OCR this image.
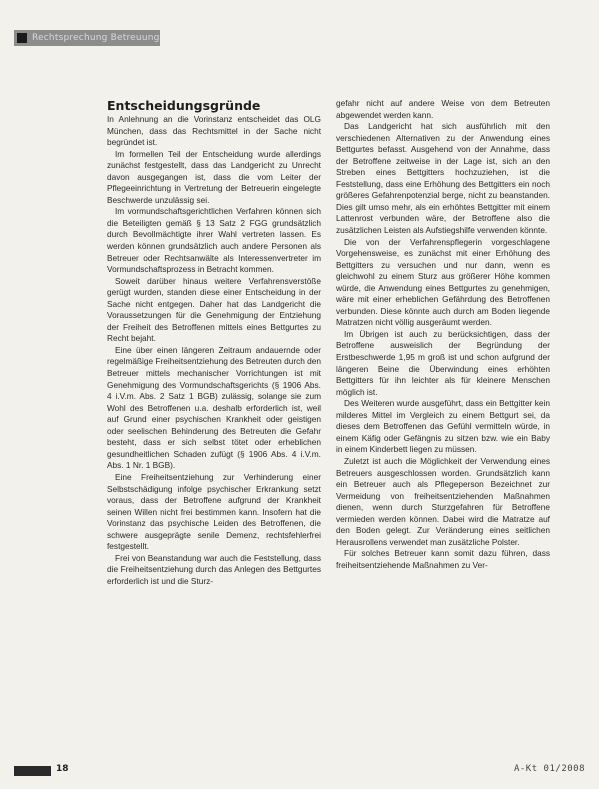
Rechtsprechung Betreuung
Entscheidungsgründe

In Anlehnung an die Vorinstanz entscheidet das OLG München, dass das Rechtsmittel in der Sache nicht begründet ist.

Im formellen Teil der Entscheidung wurde allerdings zunächst festgestellt, dass das Landgericht zu Unrecht davon ausgegangen ist, dass die vom Leiter der Pflegeeinrichtung in Vertretung der Betreuerin eingelegte Beschwerde unzulässig sei.

Im vormundschaftsgerichtlichen Verfahren können sich die Beteiligten gemäß § 13 Satz 2 FGG grundsätzlich durch Bevollmächtigte ihrer Wahl vertreten lassen. Es werden können grundsätzlich auch andere Personen als Betreuer oder Rechtsanwälte als Interessenvertreter im Vormundschaftsprozess in Betracht kommen.

Soweit darüber hinaus weitere Verfahrensverstöße gerügt wurden, standen diese einer Entscheidung in der Sache nicht entgegen. Daher hat das Landgericht die Voraussetzungen für die Genehmigung der Entziehung der Freiheit des Betroffenen mittels eines Bettgurtes zu Recht bejaht.

Eine über einen längeren Zeitraum andauernde oder regelmäßige Freiheitsentziehung des Betreuten durch den Betreuer mittels mechanischer Vorrichtungen ist mit Genehmigung des Vormundschaftsgerichts (§ 1906 Abs. 4 i.V.m. Abs. 2 Satz 1 BGB) zulässig, solange sie zum Wohl des Betroffenen u.a. deshalb erforderlich ist, weil auf Grund einer psychischen Krankheit oder geistigen oder seelischen Behinderung des Betreuten die Gefahr besteht, dass er sich selbst tötet oder erheblichen gesundheitlichen Schaden zufügt (§ 1906 Abs. 4 i.V.m. Abs. 1 Nr. 1 BGB).

Eine Freiheitsentziehung zur Verhinderung einer Selbstschädigung infolge psychischer Erkrankung setzt voraus, dass der Betroffene aufgrund der Krankheit seinen Willen nicht frei bestimmen kann. Insofern hat die Vorinstanz das psychische Leiden des Betroffenen, die schwere ausgeprägte senile Demenz, rechtsfehlerfrei festgestellt.

Frei von Beanstandung war auch die Feststellung, dass die Freiheitsentziehung durch das Anlegen des Bettgurtes erforderlich ist und die Sturz-

gefahr nicht auf andere Weise von dem Betreuten abgewendet werden kann.

Das Landgericht hat sich ausführlich mit den verschiedenen Alternativen zu der Anwendung eines Bettgurtes befasst. Ausgehend von der Annahme, dass der Betroffene zeitweise in der Lage ist, sich an den Streben eines Bettgitters hochzuziehen, ist die Feststellung, dass eine Erhöhung des Bettgitters ein noch größeres Gefahrenpotenzial berge, nicht zu beanstanden. Dies gilt umso mehr, als ein erhöhtes Bettgitter mit einem Lattenrost verbunden wäre, der Betroffene also die zusätzlichen Leisten als Aufstiegshilfe verwenden könnte.

Die von der Verfahrenspflegerin vorgeschlagene Vorgehensweise, es zunächst mit einer Erhöhung des Bettgitters zu versuchen und nur dann, wenn es gleichwohl zu einem Sturz aus größerer Höhe kommen würde, die Anwendung eines Bettgurtes zu genehmigen, wäre mit einer erheblichen Gefährdung des Betroffenen verbunden. Diese könnte auch durch am Boden liegende Matratzen nicht völlig ausgeräumt werden.

Im Übrigen ist auch zu berücksichtigen, dass der Betroffene ausweislich der Begründung der Erstbeschwerde 1,95 m groß ist und schon aufgrund der längeren Beine die Überwindung eines erhöhten Bettgitters für ihn leichter als für kleinere Menschen möglich ist.

Des Weiteren wurde ausgeführt, dass ein Bettgitter kein milderes Mittel im Vergleich zu einem Bettgurt sei, da dieses dem Betroffenen das Gefühl vermitteln würde, in einem Käfig oder Gefängnis zu sitzen bzw. wie ein Baby in einem Kinderbett liegen zu müssen.

Zuletzt ist auch die Möglichkeit der Verwendung eines Betreuers ausgeschlossen worden. Grundsätzlich kann ein Betreuer auch als Pflegeperson Bezeichnet zur Vermeidung von freiheitsentziehenden Maßnahmen dienen, wenn durch Sturzgefahren für Betroffene vermieden werden können. Dabei wird die Matratze auf den Boden gelegt. Zur Veränderung eines seitlichen Herausrollens verwendet man zusätzliche Polster.

Für solches Betreuer kann somit dazu führen, dass freiheitsentziehende Maßnahmen zu Ver-

18	A-Kt 01/2008
